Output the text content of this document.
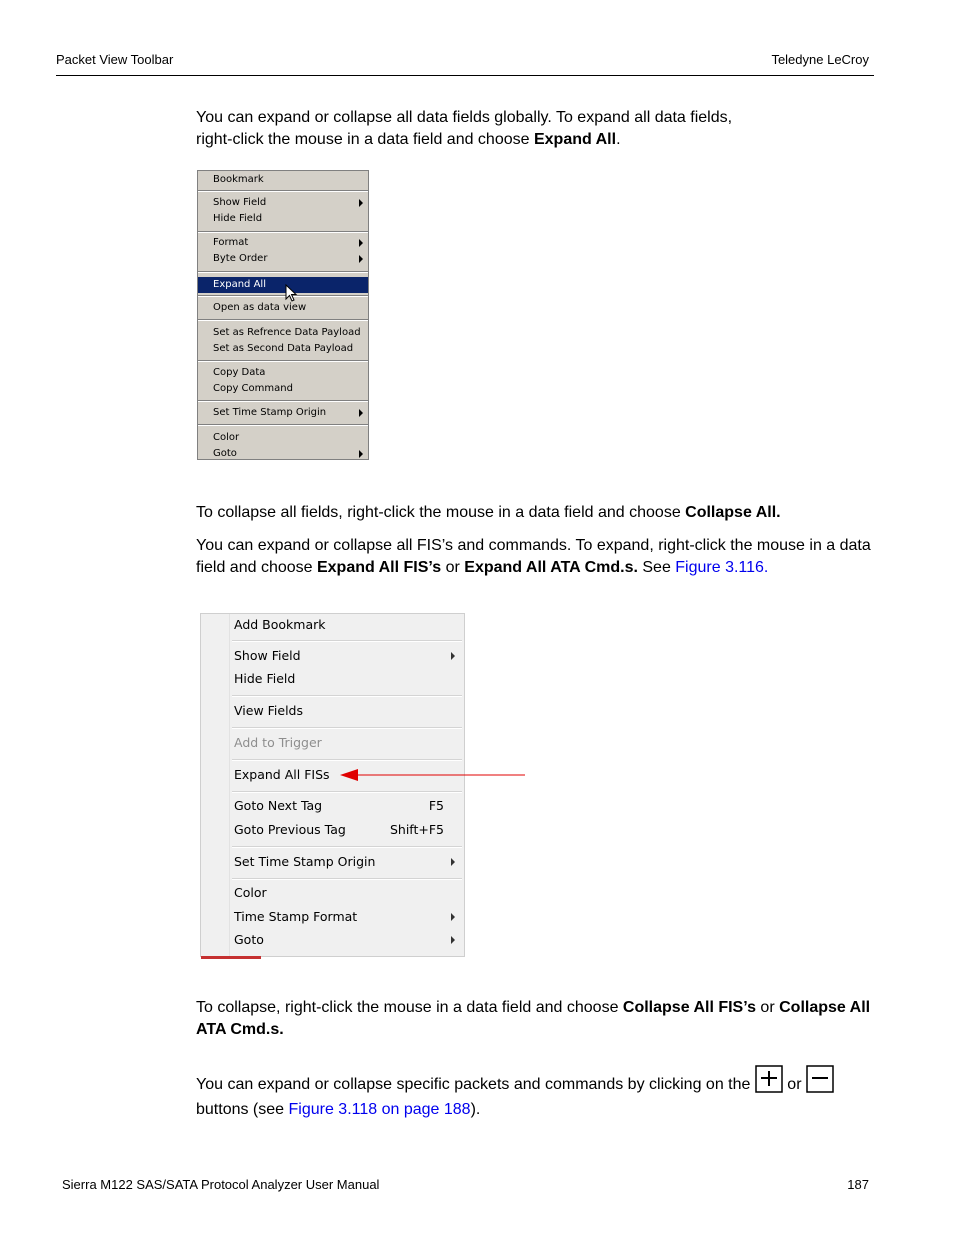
Packet View Toolbar	Teledyne LeCroy
You can expand or collapse all data fields globally. To expand all data fields,
right-click the mouse in a data field and choose Expand All.
Bookmark
Show Field
Hide Field
Format
Byte Order
Expand All
Open as data view
Set as Refrence Data Payload
Set as Second Data Payload
Copy Data
Copy Command
Set Time Stamp Origin
Color
Goto
To collapse all fields, right-click the mouse in a data field and choose Collapse All.
You can expand or collapse all FIS’s and commands. To expand, right-click the mouse in a data field and choose Expand All FIS’s or Expand All ATA Cmd.s. See Figure 3.116.
Add Bookmark
Show Field
Hide Field
View Fields
Add to Trigger
Expand All FISs
Goto Next Tag	F5
Goto Previous Tag	Shift+F5
Set Time Stamp Origin
Color
Time Stamp Format
Goto
To collapse, right-click the mouse in a data field and choose Collapse All FIS’s or Collapse All ATA Cmd.s.
You can expand or collapse specific packets and commands by clicking on the  or
buttons (see Figure 3.118 on page 188).
Sierra M122 SAS/SATA Protocol Analyzer User Manual	187
